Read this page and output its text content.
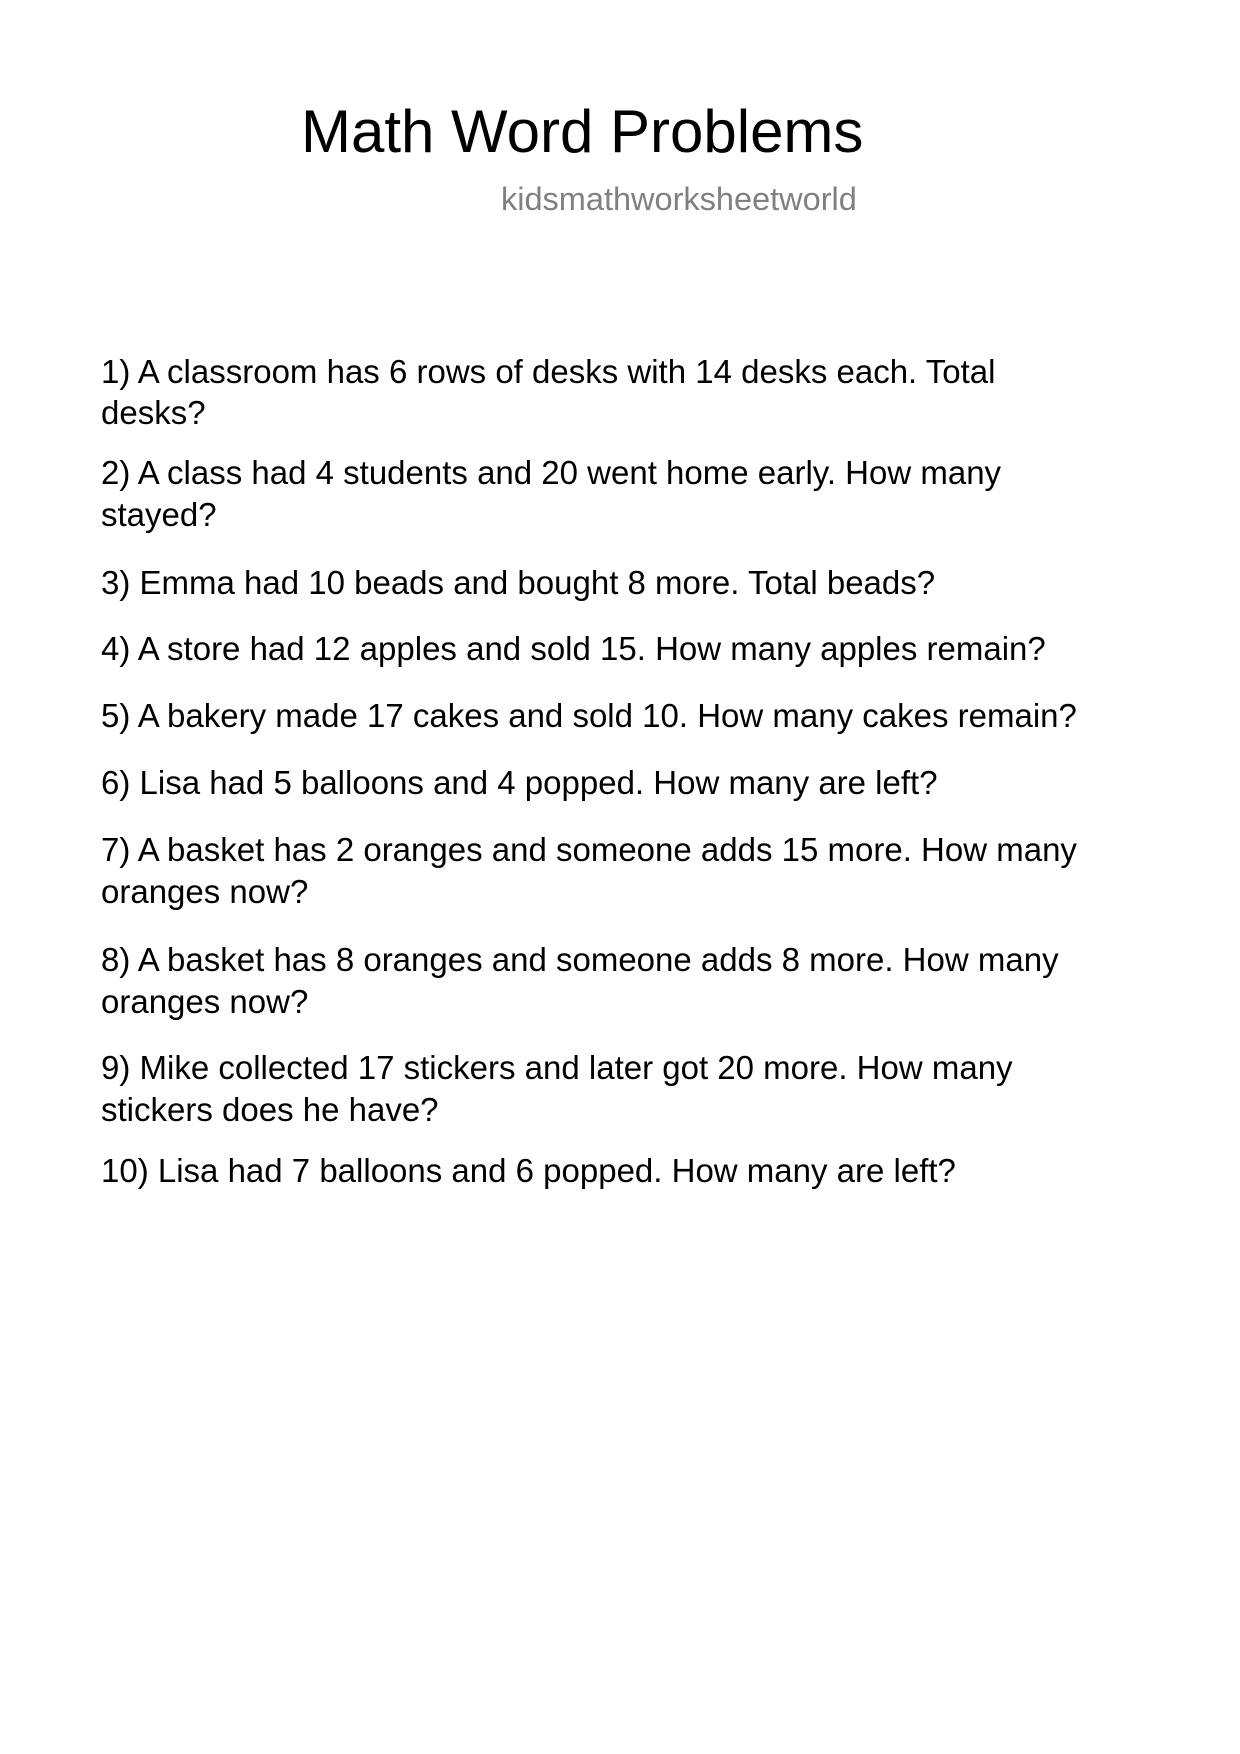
Math Word Problems
kidsmathworksheetworld
1) A classroom has 6 rows of desks with 14 desks each. Total
desks?
2) A class had 4 students and 20 went home early. How many
stayed?
3) Emma had 10 beads and bought 8 more. Total beads?
4) A store had 12 apples and sold 15. How many apples remain?
5) A bakery made 17 cakes and sold 10. How many cakes remain?
6) Lisa had 5 balloons and 4 popped. How many are left?
7) A basket has 2 oranges and someone adds 15 more. How many
oranges now?
8) A basket has 8 oranges and someone adds 8 more. How many
oranges now?
9) Mike collected 17 stickers and later got 20 more. How many
stickers does he have?
10) Lisa had 7 balloons and 6 popped. How many are left?
